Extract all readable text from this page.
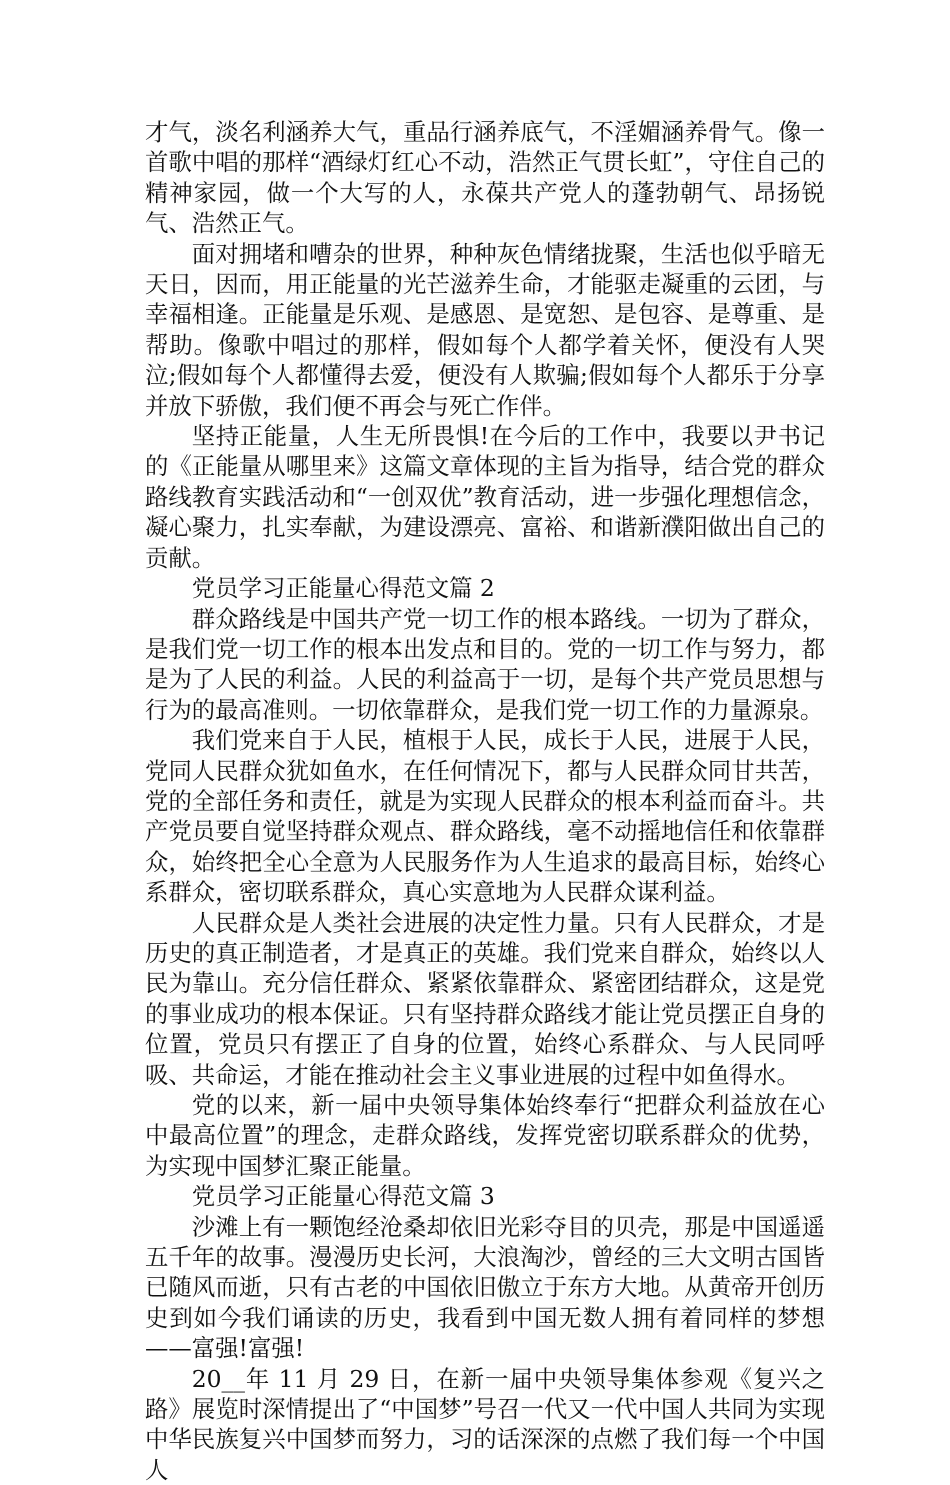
才气，淡名利涵养大气，重品行涵养底气，不淫媚涵养骨气。像一首歌中唱的那样“酒绿灯红心不动，浩然正气贯长虹”，守住自己的精神家园，做一个大写的人，永葆共产党人的蓬勃朝气、昂扬锐气、浩然正气。

面对拥堵和嘈杂的世界，种种灰色情绪拢聚，生活也似乎暗无天日，因而，用正能量的光芒滋养生命，才能驱走凝重的云团，与幸福相逢。正能量是乐观、是感恩、是宽恕、是包容、是尊重、是帮助。像歌中唱过的那样，假如每个人都学着关怀，便没有人哭泣;假如每个人都懂得去爱，便没有人欺骗;假如每个人都乐于分享并放下骄傲，我们便不再会与死亡作伴。

坚持正能量，人生无所畏惧!在今后的工作中，我要以尹书记的《正能量从哪里来》这篇文章体现的主旨为指导，结合党的群众路线教育实践活动和“一创双优”教育活动，进一步强化理想信念，凝心聚力，扎实奉献，为建设漂亮、富裕、和谐新濮阳做出自己的贡献。

党员学习正能量心得范文篇 2

群众路线是中国共产党一切工作的根本路线。一切为了群众，是我们党一切工作的根本出发点和目的。党的一切工作与努力，都是为了人民的利益。人民的利益高于一切，是每个共产党员思想与行为的最高准则。一切依靠群众，是我们党一切工作的力量源泉。

我们党来自于人民，植根于人民，成长于人民，进展于人民，党同人民群众犹如鱼水，在任何情况下，都与人民群众同甘共苦，党的全部任务和责任，就是为实现人民群众的根本利益而奋斗。共产党员要自觉坚持群众观点、群众路线，毫不动摇地信任和依靠群众，始终把全心全意为人民服务作为人生追求的最高目标，始终心系群众，密切联系群众，真心实意地为人民群众谋利益。

人民群众是人类社会进展的决定性力量。只有人民群众，才是历史的真正制造者，才是真正的英雄。我们党来自群众，始终以人民为靠山。充分信任群众、紧紧依靠群众、紧密团结群众，这是党的事业成功的根本保证。只有坚持群众路线才能让党员摆正自身的位置，党员只有摆正了自身的位置，始终心系群众、与人民同呼吸、共命运，才能在推动社会主义事业进展的过程中如鱼得水。

党的以来，新一届中央领导集体始终奉行“把群众利益放在心中最高位置”的理念，走群众路线，发挥党密切联系群众的优势，为实现中国梦汇聚正能量。

党员学习正能量心得范文篇 3

沙滩上有一颗饱经沧桑却依旧光彩夺目的贝壳，那是中国遥遥五千年的故事。漫漫历史长河，大浪淘沙，曾经的三大文明古国皆已随风而逝，只有古老的中国依旧傲立于东方大地。从黄帝开创历史到如今我们诵读的历史，我看到中国无数人拥有着同样的梦想——富强!富强!

20__年 11 月 29 日，在新一届中央领导集体参观《复兴之路》展览时深情提出了“中国梦”号召一代又一代中国人共同为实现中华民族复兴中国梦而努力，习的话深深的点燃了我们每一个中国人
